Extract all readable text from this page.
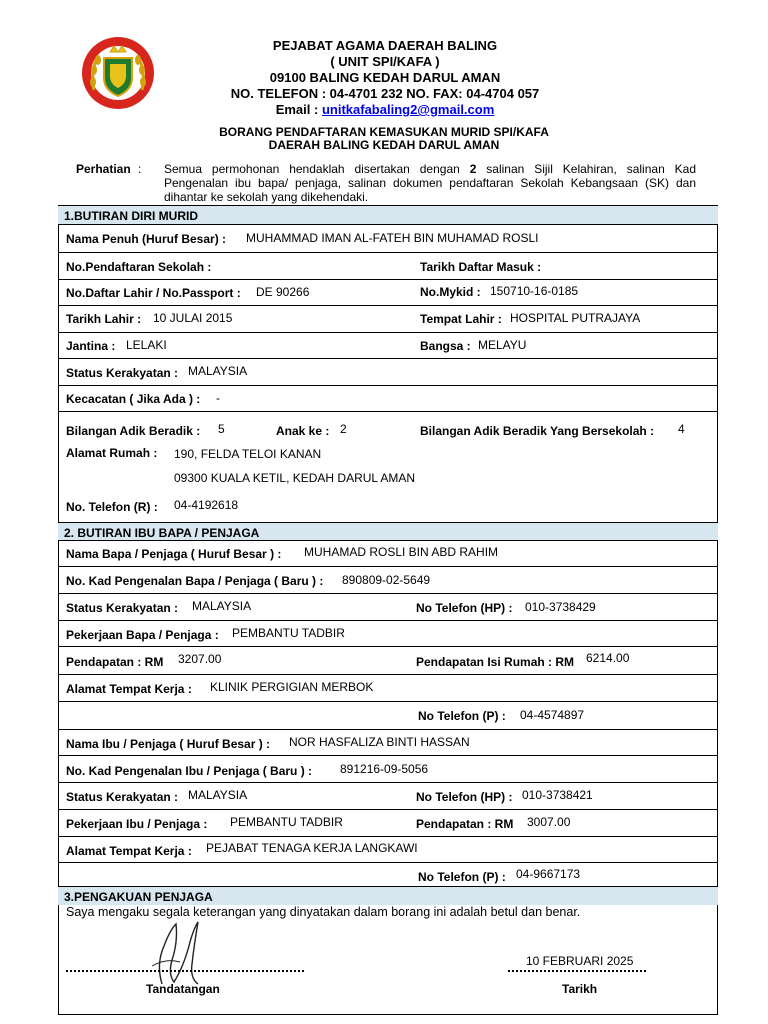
PEJABAT AGAMA DAERAH BALING
( UNIT SPI/KAFA )
09100 BALING KEDAH DARUL AMAN
NO. TELEFON : 04-4701 232 NO. FAX: 04-4704 057
Email : unitkafabaling2@gmail.com
BORANG PENDAFTARAN KEMASUKAN MURID SPI/KAFA
DAERAH BALING KEDAH DARUL AMAN
Perhatian : Semua permohonan hendaklah disertakan dengan 2 salinan Sijil Kelahiran, salinan Kad Pengenalan ibu bapa/ penjaga, salinan dokumen pendaftaran Sekolah Kebangsaan (SK) dan dihantar ke sekolah yang dikehendaki.
1.BUTIRAN DIRI MURID
Nama Penuh (Huruf Besar) : MUHAMMAD IMAN AL-FATEH BIN MUHAMAD ROSLI
No.Pendaftaran Sekolah :	Tarikh Daftar Masuk :
No.Daftar Lahir / No.Passport : DE 90266	No.Mykid : 150710-16-0185
Tarikh Lahir : 10 JULAI 2015	Tempat Lahir : HOSPITAL PUTRAJAYA
Jantina : LELAKI	Bangsa : MELAYU
Status Kerakyatan : MALAYSIA
Kecacatan ( Jika Ada ) : -
Bilangan Adik Beradik : 5	Anak ke : 2	Bilangan Adik Beradik Yang Bersekolah : 4
Alamat Rumah : 190, FELDA TELOI KANAN
09300 KUALA KETIL, KEDAH DARUL AMAN
No. Telefon (R) : 04-4192618
2. BUTIRAN IBU BAPA / PENJAGA
Nama Bapa / Penjaga ( Huruf Besar ) : MUHAMAD ROSLI BIN ABD RAHIM
No. Kad Pengenalan Bapa / Penjaga ( Baru ) : 890809-02-5649
Status Kerakyatan : MALAYSIA	No Telefon (HP) : 010-3738429
Pekerjaan Bapa / Penjaga : PEMBANTU TADBIR
Pendapatan : RM 3207.00	Pendapatan Isi Rumah : RM 6214.00
Alamat Tempat Kerja : KLINIK PERGIGIAN MERBOK
No Telefon (P) : 04-4574897
Nama Ibu / Penjaga ( Huruf Besar ) : NOR HASFALIZA BINTI HASSAN
No. Kad Pengenalan Ibu / Penjaga ( Baru ) : 891216-09-5056
Status Kerakyatan : MALAYSIA	No Telefon (HP) : 010-3738421
Pekerjaan Ibu / Penjaga : PEMBANTU TADBIR	Pendapatan : RM 3007.00
Alamat Tempat Kerja : PEJABAT TENAGA KERJA LANGKAWI
No Telefon (P) : 04-9667173
3.PENGAKUAN PENJAGA
Saya mengaku segala keterangan yang dinyatakan dalam borang ini adalah betul dan benar.
10 FEBRUARI 2025
Tandatangan	Tarikh
